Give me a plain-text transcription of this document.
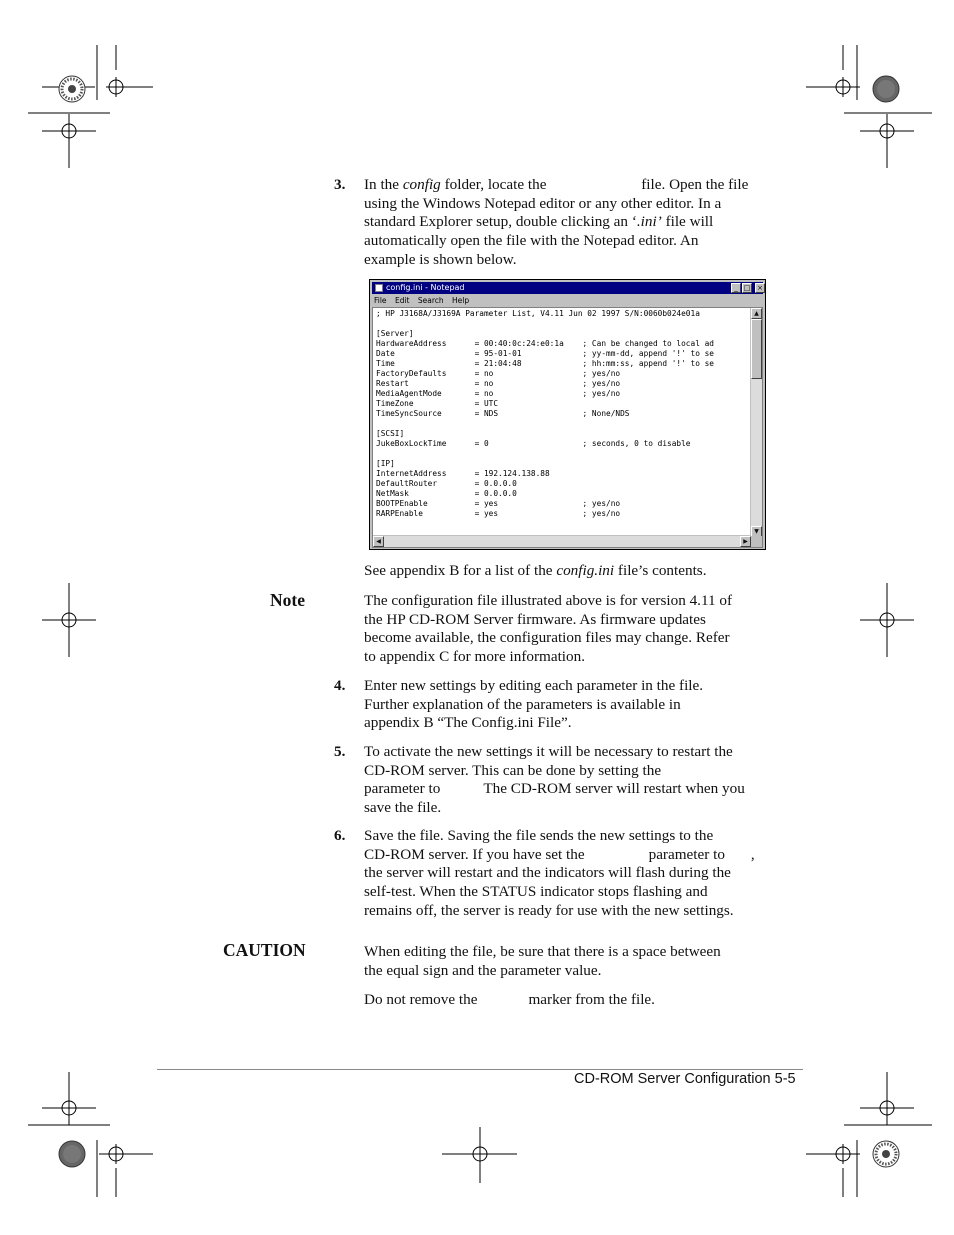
3. In the config folder, locate the	file. Open the file
using the Windows Notepad editor or any other editor. In a
standard Explorer setup, double clicking an ‘.ini’ file will
automatically open the file with the Notepad editor. An
example is shown below.
config.ini - Notepad	_ □ ×
File Edit Search Help
; HP J3168A/J3169A Parameter List, V4.11 Jun 02 1997 S/N:0060b024e01a
[Server]
HardwareAddress      = 00:40:0c:24:e0:1a    ; Can be changed to local ad
Date                 = 95-01-01             ; yy-mm-dd, append '!' to se
Time                 = 21:04:48             ; hh:mm:ss, append '!' to se
FactoryDefaults      = no                   ; yes/no
Restart              = no                   ; yes/no
MediaAgentMode       = no                   ; yes/no
TimeZone             = UTC
TimeSyncSource       = NDS                  ; None/NDS
[SCSI]
JukeBoxLockTime      = 0                    ; seconds, 0 to disable
[IP]
InternetAddress      = 192.124.138.88
DefaultRouter        = 0.0.0.0
NetMask              = 0.0.0.0
BOOTPEnable          = yes                  ; yes/no
RARPEnable           = yes                  ; yes/no
▲
▼
◀	▶
See appendix B for a list of the config.ini file’s contents.
Note	The configuration file illustrated above is for version 4.11 of
the HP CD-ROM Server firmware. As firmware updates
become available, the configuration files may change. Refer
to appendix C for more information.
4. Enter new settings by editing each parameter in the file.
Further explanation of the parameters is available in
appendix B “The Config.ini File”.
5. To activate the new settings it will be necessary to restart the
CD-ROM server. This can be done by setting the
parameter to	The CD-ROM server will restart when you
save the file.
6. Save the file. Saving the file sends the new settings to the
CD-ROM server. If you have set the	parameter to ,
the server will restart and the indicators will flash during the
self-test. When the STATUS indicator stops flashing and
remains off, the server is ready for use with the new settings.
CAUTION	When editing the file, be sure that there is a space between
the equal sign and the parameter value.
Do not remove the	marker from the file.
CD-ROM Server Configuration 5-5
